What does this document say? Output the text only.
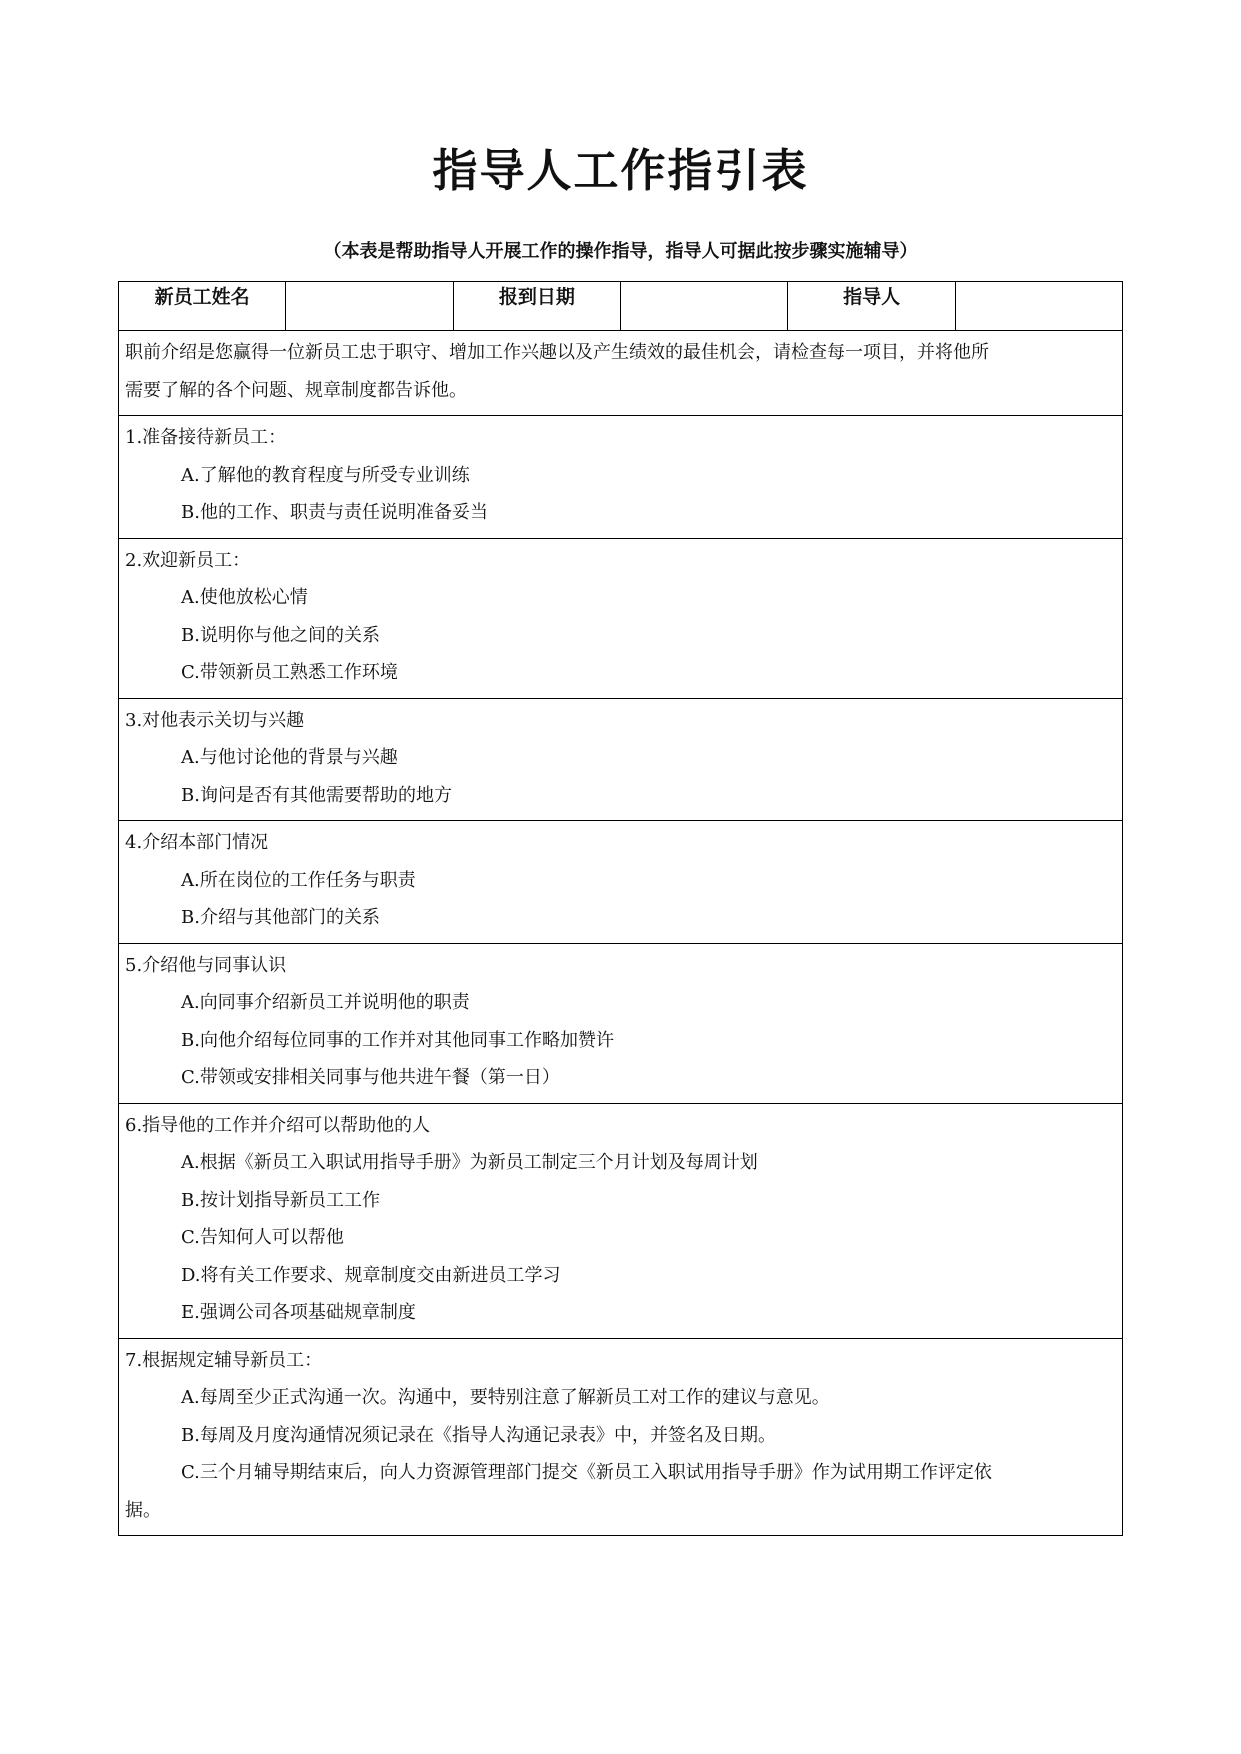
指导人工作指引表
（本表是帮助指导人开展工作的操作指导，指导人可据此按步骤实施辅导）
新员工姓名		报到日期		指导人	

职前介绍是您赢得一位新员工忠于职守、增加工作兴趣以及产生绩效的最佳机会，请检查每一项目，并将他所
需要了解的各个问题、规章制度都告诉他。

1.准备接待新员工：
A.了解他的教育程度与所受专业训练
B.他的工作、职责与责任说明准备妥当

2.欢迎新员工：
A.使他放松心情
B.说明你与他之间的关系
C.带领新员工熟悉工作环境

3.对他表示关切与兴趣
A.与他讨论他的背景与兴趣
B.询问是否有其他需要帮助的地方

4.介绍本部门情况
A.所在岗位的工作任务与职责
B.介绍与其他部门的关系

5.介绍他与同事认识
A.向同事介绍新员工并说明他的职责
B.向他介绍每位同事的工作并对其他同事工作略加赞许
C.带领或安排相关同事与他共进午餐（第一日）

6.指导他的工作并介绍可以帮助他的人
A.根据《新员工入职试用指导手册》为新员工制定三个月计划及每周计划
B.按计划指导新员工工作
C.告知何人可以帮他
D.将有关工作要求、规章制度交由新进员工学习
E.强调公司各项基础规章制度

7.根据规定辅导新员工：
A.每周至少正式沟通一次。沟通中，要特别注意了解新员工对工作的建议与意见。
B.每周及月度沟通情况须记录在《指导人沟通记录表》中，并签名及日期。
C.三个月辅导期结束后，向人力资源管理部门提交《新员工入职试用指导手册》作为试用期工作评定依
据。
